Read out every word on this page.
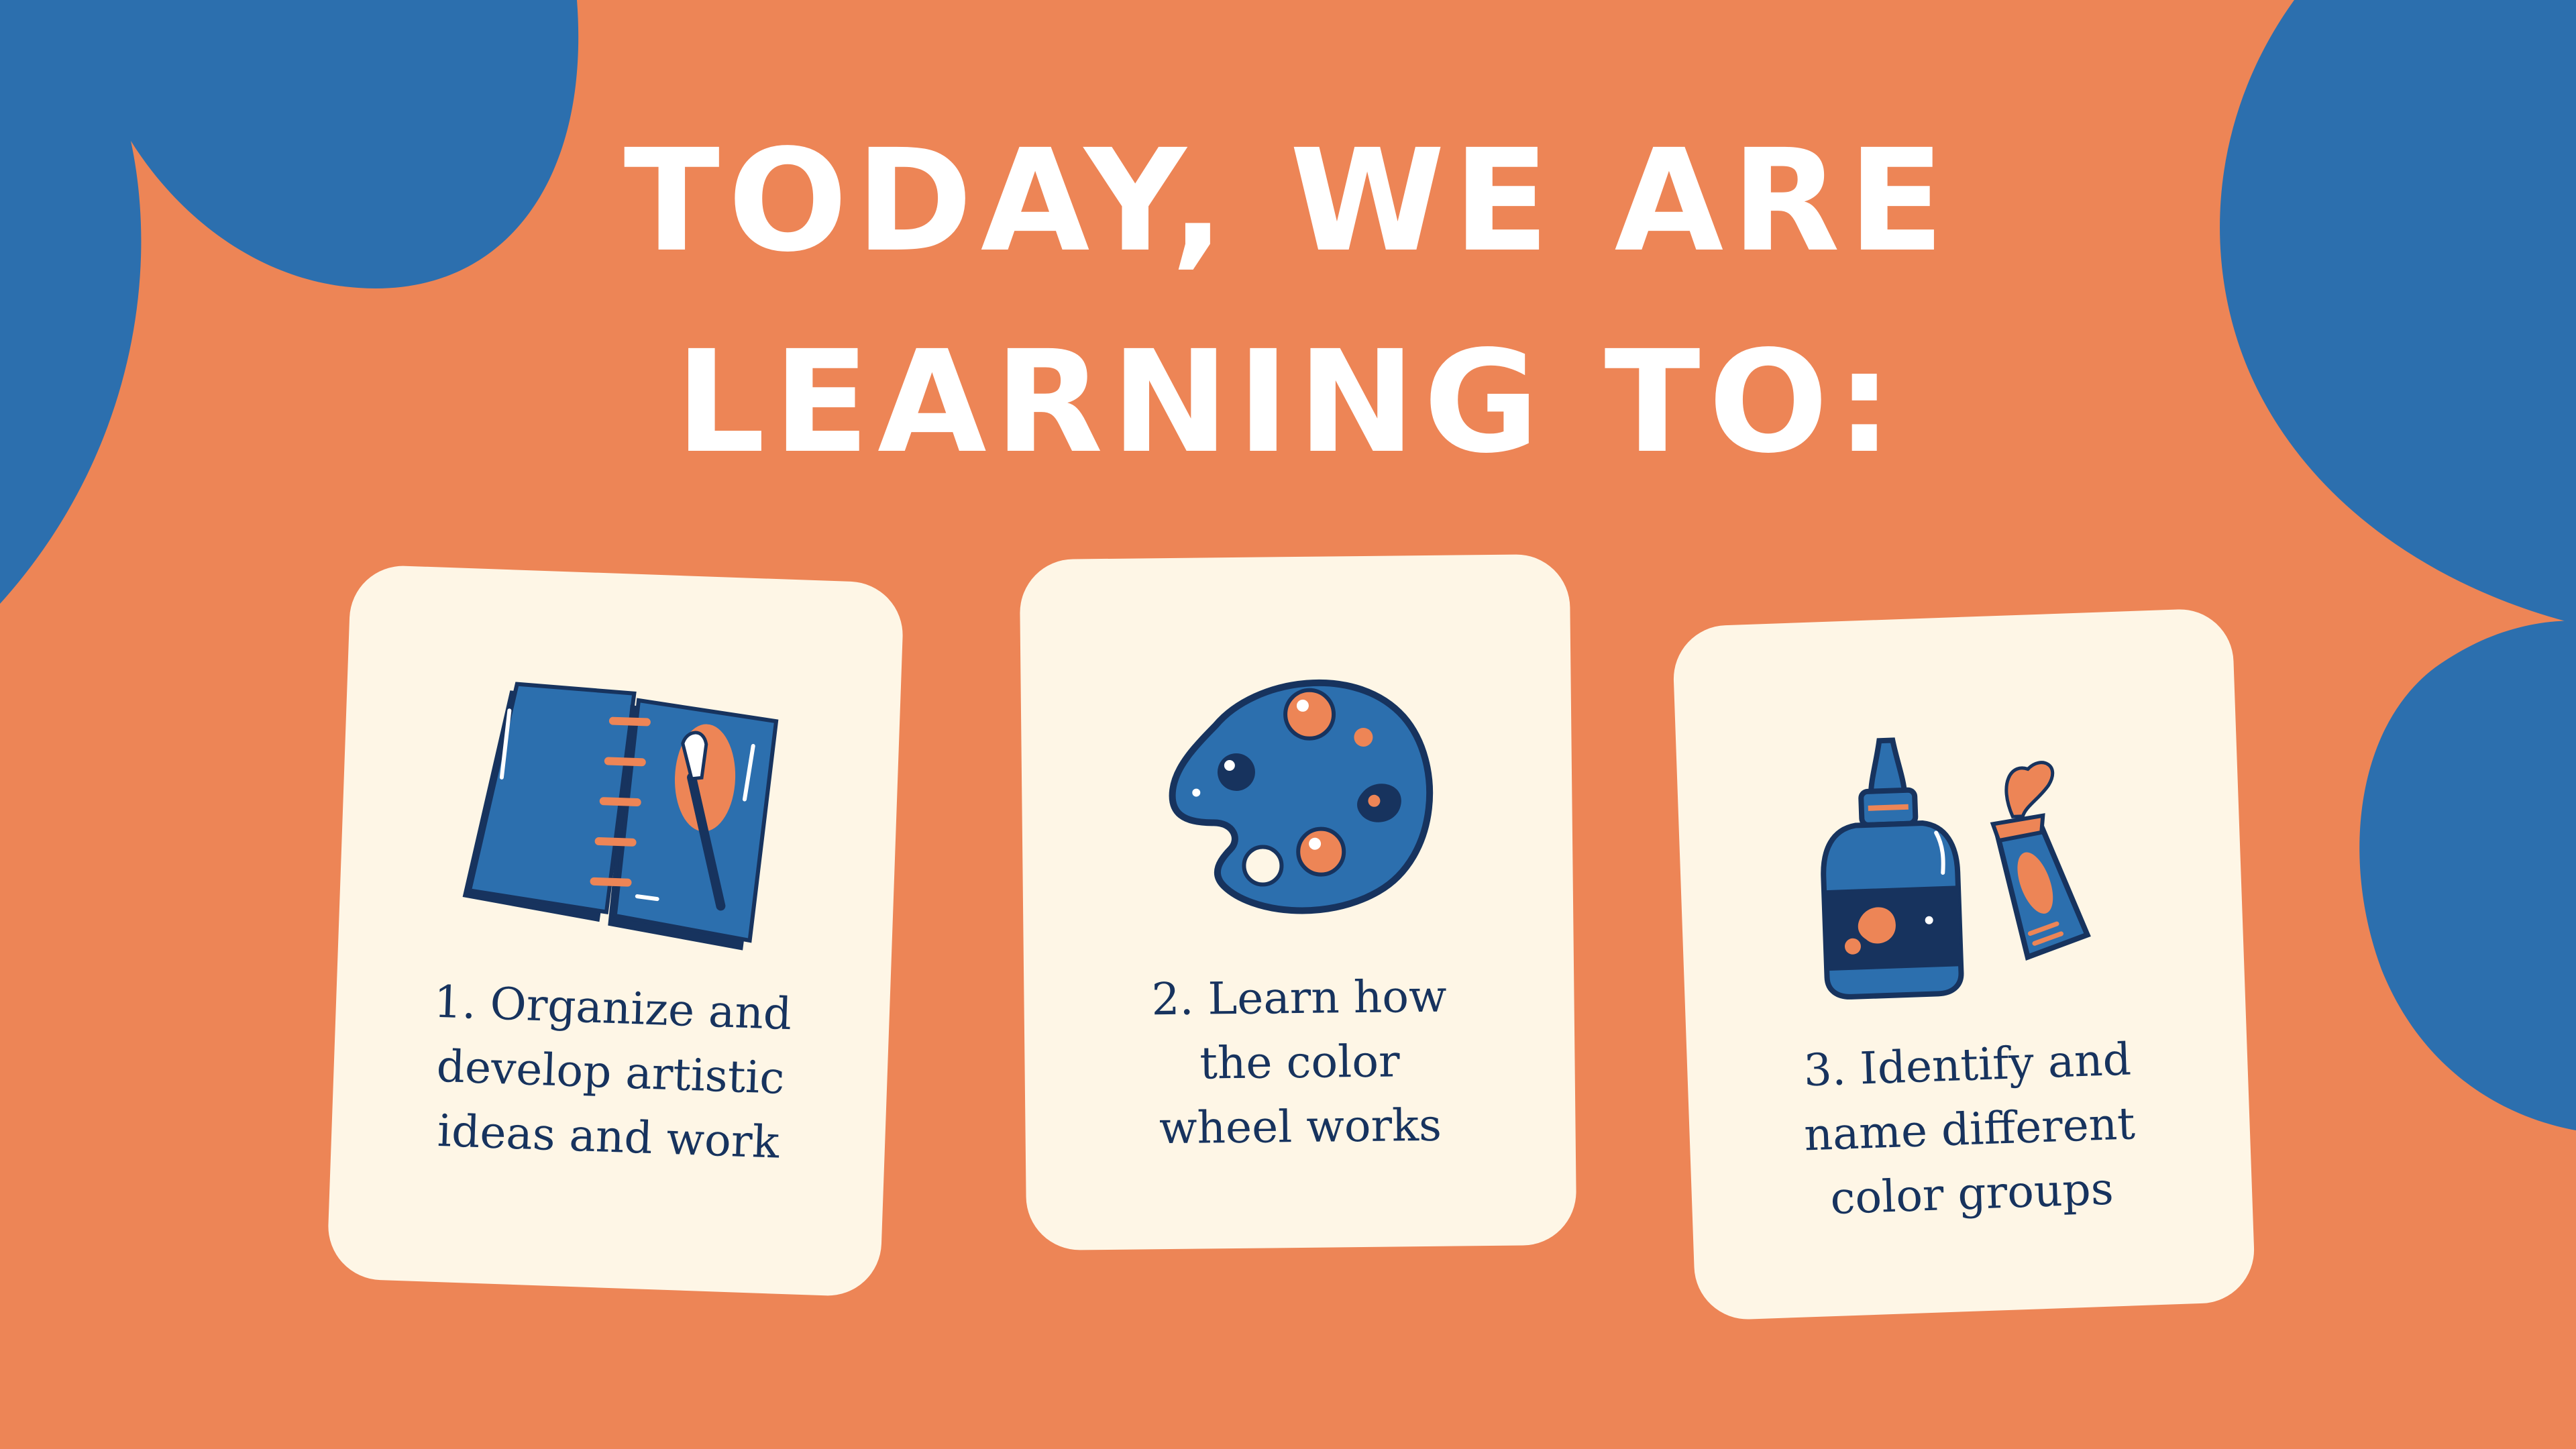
TODAY, WE ARE
LEARNING TO:
1. Organize and
develop artistic
ideas and work
2. Learn how
the color
wheel works
3. Identify and
name different
color groups
